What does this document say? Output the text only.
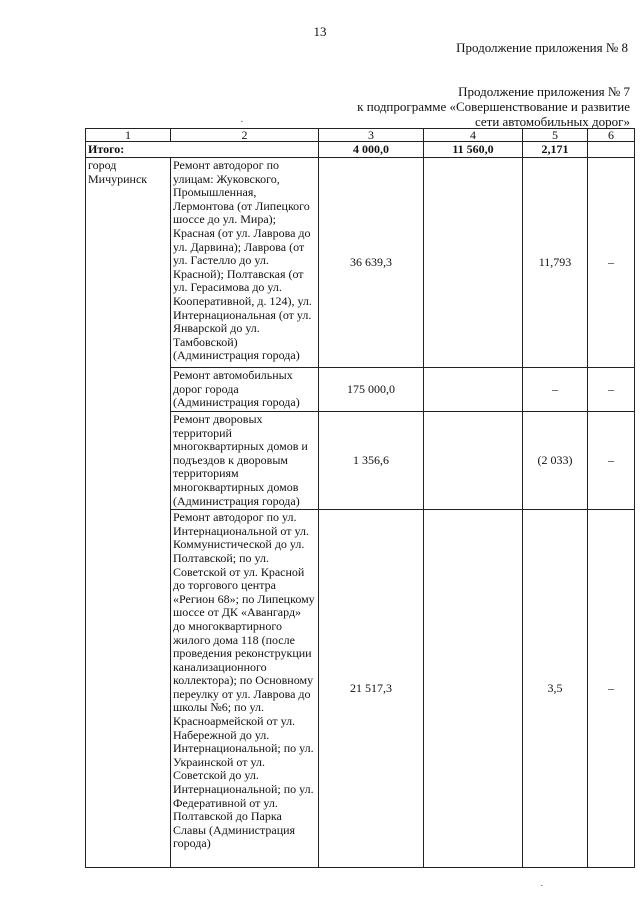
13
Продолжение приложения № 8
Продолжение приложения № 7
к подпрограмме «Совершенствование и развитие
сети автомобильных дорог»
1	2	3	4	5	6
Итого:		4 000,0	11 560,0	2,171	
город Мичуринск	Ремонт автодорог по улицам: Жуковского, Промышленная, Лермонтова (от Липецкого шоссе до ул. Мира); Красная (от ул. Лаврова до ул. Дарвина); Лаврова (от ул. Гастелло до ул. Красной); Полтавская (от ул. Герасимова до ул. Кооперативной, д. 124), ул. Интернациональная (от ул. Январской до ул. Тамбовской) (Администрация города)	36 639,3		11,793	–
	Ремонт автомобильных дорог города (Администрация города)	175 000,0		–	–
	Ремонт дворовых территорий многоквартирных домов и подъездов к дворовым территориям многоквартирных домов (Администрация города)	1 356,6		(2 033)	–
	Ремонт автодорог по ул. Интернациональной от ул. Коммунистической до ул. Полтавской; по ул. Советской от ул. Красной до торгового центра «Регион 68»; по Липецкому шоссе от ДК «Авангард» до многоквартирного жилого дома 118 (после проведения реконструкции канализационного коллектора); по Основному переулку от ул. Лаврова до школы №6; по ул. Красноармейской от ул. Набережной до ул. Интернациональной; по ул. Украинской от ул. Советской до ул. Интернациональной; по ул. Федеративной от ул. Полтавской до Парка Славы (Администрация города)	21 517,3		3,5	–
·
·
